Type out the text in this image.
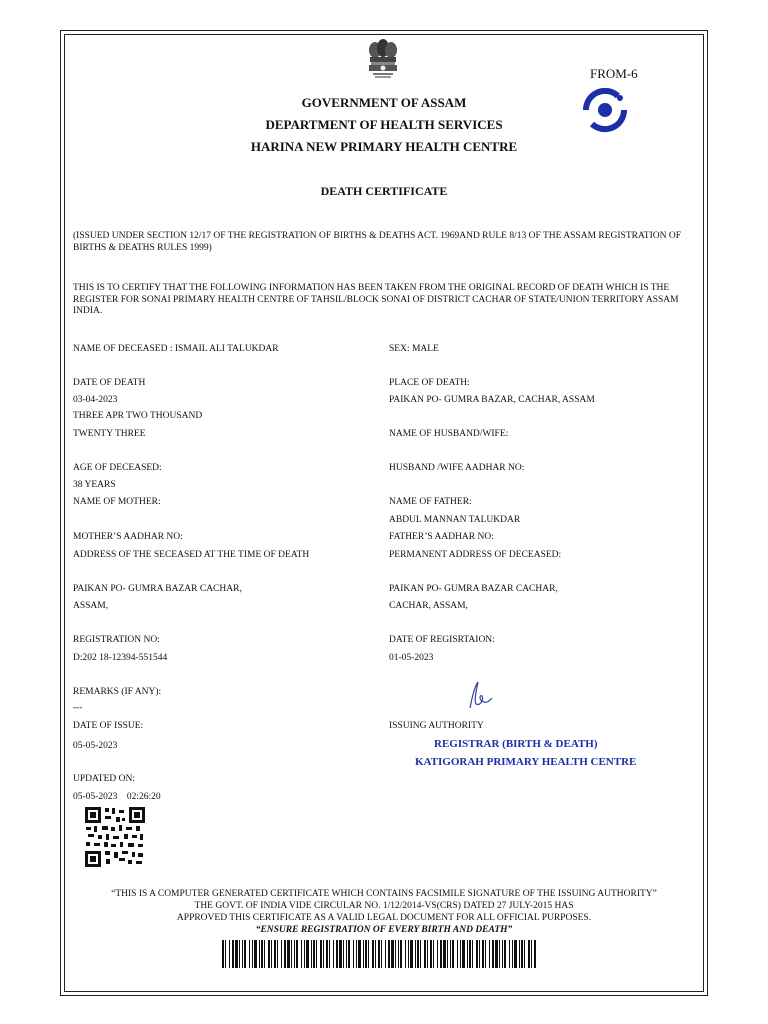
FROM-6
GOVERNMENT OF ASSAM
DEPARTMENT OF HEALTH SERVICES
HARINA NEW PRIMARY HEALTH CENTRE
DEATH CERTIFICATE
(ISSUED UNDER SECTION 12/17 OF THE REGISTRATION OF BIRTHS & DEATHS ACT. 1969AND RULE 8/13 OF THE ASSAM REGISTRATION OF BIRTHS & DEATHS RULES 1999)
THIS IS TO CERTIFY THAT THE FOLLOWING INFORMATION HAS BEEN TAKEN FROM THE ORIGINAL RECORD OF DEATH WHICH IS THE REGISTER FOR SONAI PRIMARY HEALTH CENTRE OF TAHSIL/BLOCK SONAI OF DISTRICT CACHAR OF STATE/UNION TERRITORY ASSAM INDIA.
NAME OF DECEASED : ISMAIL ALI TALUKDAR
DATE OF DEATH
03-04-2023
THREE APR TWO THOUSAND
TWENTY THREE
AGE OF DECEASED:
38 YEARS
NAME OF MOTHER:
MOTHER’S AADHAR NO:
ADDRESS OF THE SECEASED AT THE TIME OF DEATH
PAIKAN PO- GUMRA BAZAR CACHAR,
ASSAM,
REGISTRATION NO:
D:202 18-12394-551544
REMARKS (IF ANY):
---
DATE OF ISSUE:
05-05-2023
UPDATED ON:
05-05-2023    02:26:20
SEX: MALE
PLACE OF DEATH:
PAIKAN PO- GUMRA BAZAR, CACHAR, ASSAM
NAME OF HUSBAND/WIFE:
HUSBAND /WIFE AADHAR NO:
NAME OF FATHER:
ABDUL MANNAN TALUKDAR
FATHER’S AADHAR NO:
PERMANENT ADDRESS OF DECEASED:
PAIKAN PO- GUMRA BAZAR CACHAR,
CACHAR, ASSAM,
DATE OF REGISRTAION:
01-05-2023
ISSUING AUTHORITY
REGISTRAR (BIRTH & DEATH)
KATIGORAH PRIMARY HEALTH CENTRE
“THIS IS A COMPUTER GENERATED CERTIFICATE WHICH CONTAINS FACSIMILE SIGNATURE OF THE ISSUING AUTHORITY”
THE GOVT. OF INDIA VIDE CIRCULAR NO. 1/12/2014-VS(CRS) DATED 27 JULY-2015 HAS
APPROVED THIS CERTIFICATE AS A VALID LEGAL DOCUMENT FOR ALL OFFICIAL PURPOSES.
“ENSURE REGISTRATION OF EVERY BIRTH AND DEATH”
